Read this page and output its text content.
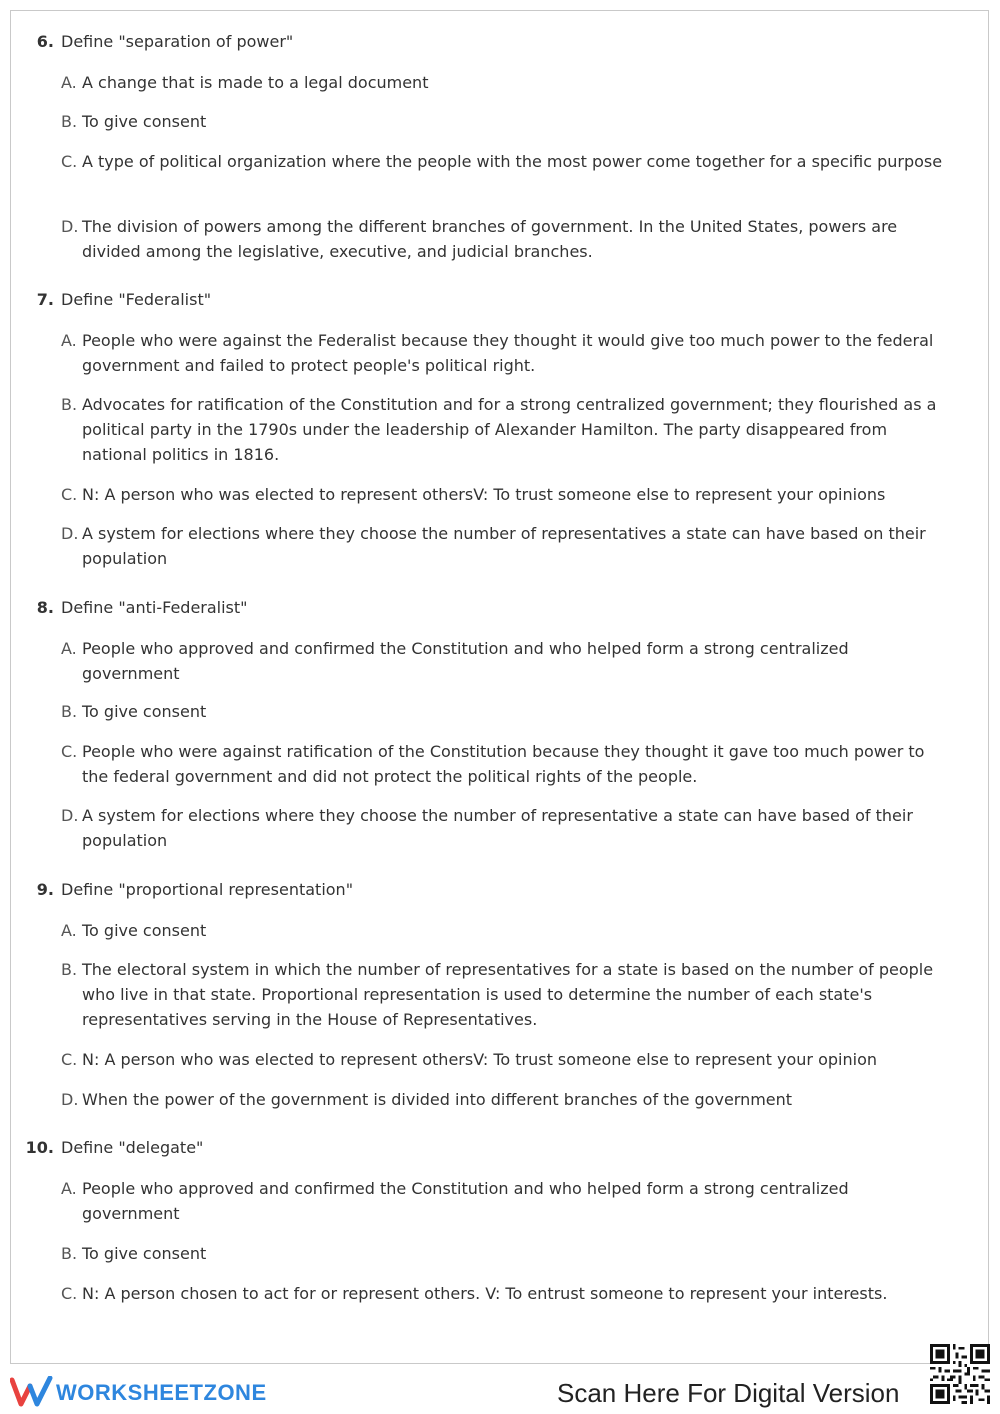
6. Define "separation of power"
A. A change that is made to a legal document
B. To give consent
C. A type of political organization where the people with the most power come together for a specific purpose
D. The division of powers among the different branches of government. In the United States, powers are divided among the legislative, executive, and judicial branches.
7. Define "Federalist"
A. People who were against the Federalist because they thought it would give too much power to the federal government and failed to protect people's political right.
B. Advocates for ratification of the Constitution and for a strong centralized government; they flourished as a political party in the 1790s under the leadership of Alexander Hamilton. The party disappeared from national politics in 1816.
C. N: A person who was elected to represent othersV: To trust someone else to represent your opinions
D. A system for elections where they choose the number of representatives a state can have based on their population
8. Define "anti-Federalist"
A. People who approved and confirmed the Constitution and who helped form a strong centralized government
B. To give consent
C. People who were against ratification of the Constitution because they thought it gave too much power to the federal government and did not protect the political rights of the people.
D. A system for elections where they choose the number of representative a state can have based of their population
9. Define "proportional representation"
A. To give consent
B. The electoral system in which the number of representatives for a state is based on the number of people who live in that state. Proportional representation is used to determine the number of each state's representatives serving in the House of Representatives.
C. N: A person who was elected to represent othersV: To trust someone else to represent your opinion
D. When the power of the government is divided into different branches of the government
10. Define "delegate"
A. People who approved and confirmed the Constitution and who helped form a strong centralized government
B. To give consent
C. N: A person chosen to act for or represent others. V: To entrust someone to represent your interests.
WORKSHEETZONE	Scan Here For Digital Version
